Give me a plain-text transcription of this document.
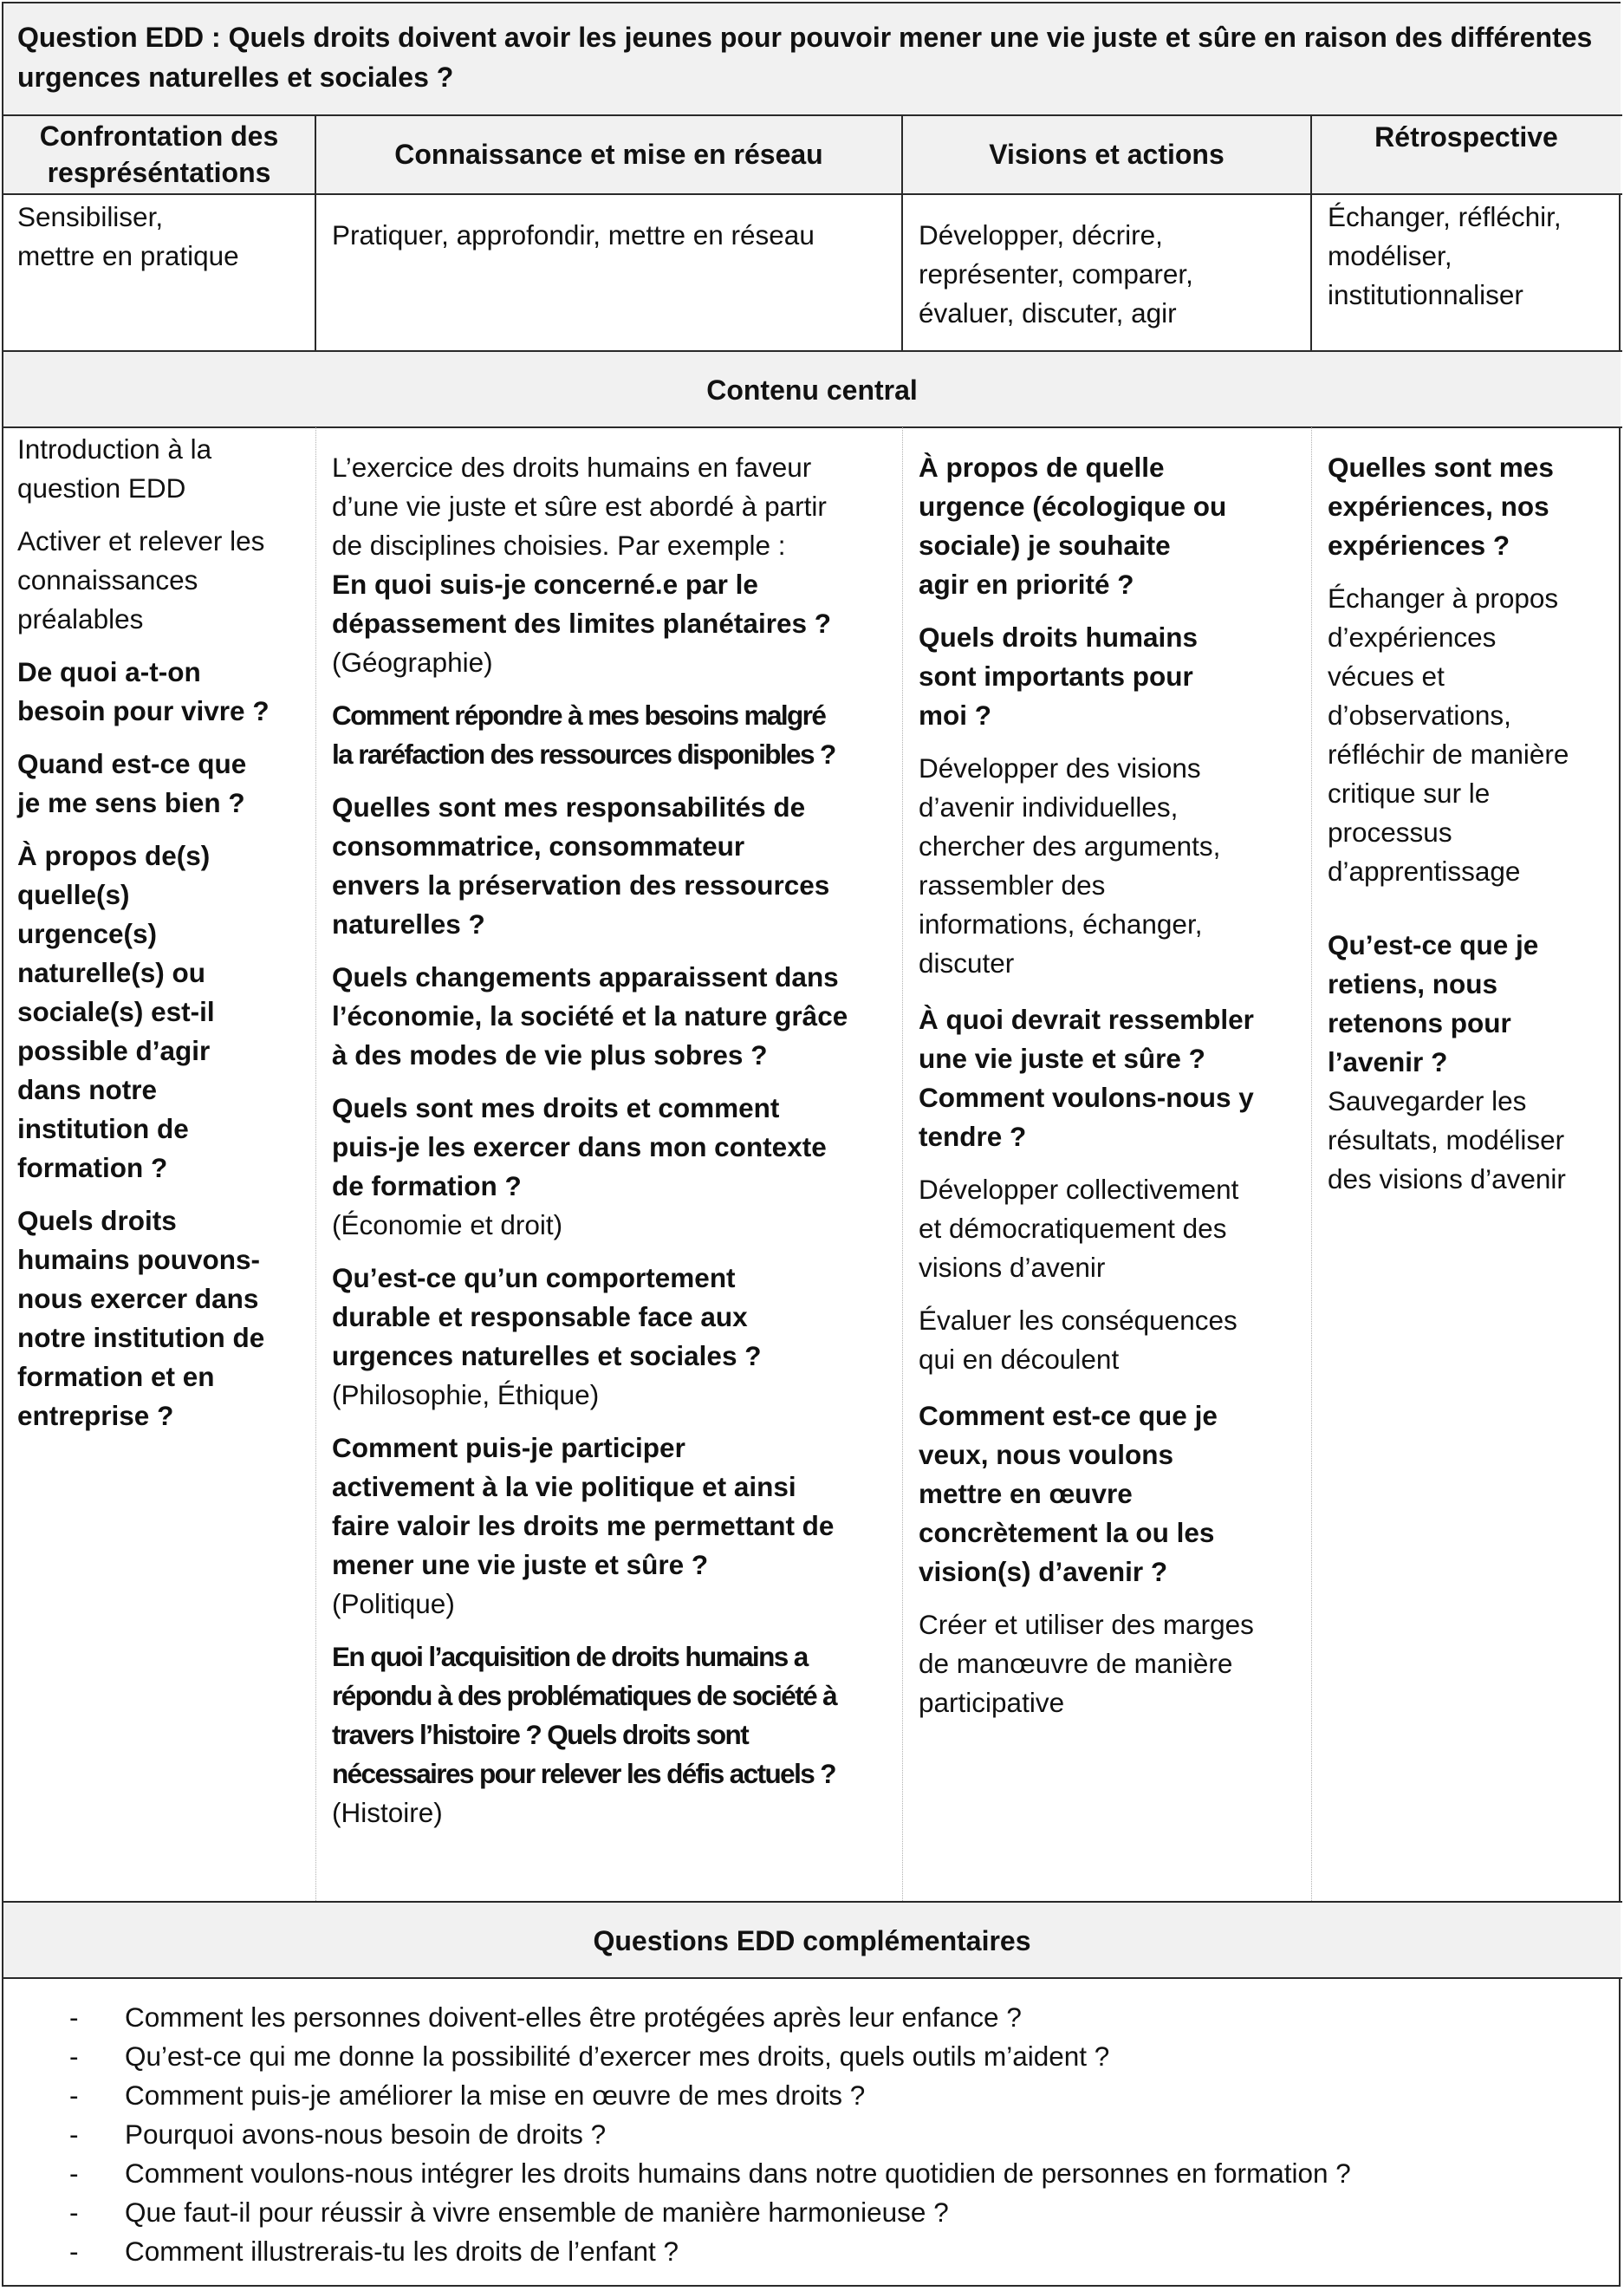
Question EDD : Quels droits doivent avoir les jeunes pour pouvoir mener une vie juste et sûre en raison des différentes urgences naturelles et sociales ?
Confrontation des respréséntations
Connaissance et mise en réseau	Visions et actions
Rétrospective

Sensibiliser,

mettre en pratique

Pratiquer, approfondir, mettre en réseau	Développer, décrire,

représenter, comparer,

évaluer, discuter, agir

Échanger, réfléchir,

modéliser,

institutionnaliser

Contenu central

Introduction à la

question EDD

Activer et relever les

connaissances

préalables

De quoi a-t-on

besoin pour vivre ?

Quand est-ce que

je me sens bien ?

À propos de(s)

quelle(s)

urgence(s)

naturelle(s) ou

sociale(s) est-il

possible d’agir

dans notre

institution de

formation ?

Quels droits

humains pouvons-

nous exercer dans

notre institution de

formation et en

entreprise ?

L’exercice des droits humains en faveur

d’une vie juste et sûre est abordé à partir

de disciplines choisies. Par exemple :

En quoi suis-je concerné.e par le

dépassement des limites planétaires ?

(Géographie)

Comment répondre à mes besoins malgré

la raréfaction des ressources disponibles ?

Quelles sont mes responsabilités de

consommatrice, consommateur

envers la préservation des ressources

naturelles ?

Quels changements apparaissent dans

l’économie, la société et la nature grâce

à des modes de vie plus sobres ?

Quels sont mes droits et comment

puis-je les exercer dans mon contexte

de formation ?

(Économie et droit)

Qu’est-ce qu’un comportement

durable et responsable face aux

urgences naturelles et sociales ?

(Philosophie, Éthique)

Comment puis-je participer

activement à la vie politique et ainsi

faire valoir les droits me permettant de

mener une vie juste et sûre ?

(Politique)

En quoi l’acquisition de droits humains a

répondu à des problématiques de société à

travers l’histoire ? Quels droits sont

nécessaires pour relever les défis actuels ?

(Histoire)

À propos de quelle

urgence (écologique ou

sociale) je souhaite

agir en priorité ?

Quels droits humains

sont importants pour

moi ?

Développer des visions

d’avenir individuelles,

chercher des arguments,

rassembler des

informations, échanger,

discuter

À quoi devrait ressembler

une vie juste et sûre ?

Comment voulons-nous y

tendre ?

Développer collectivement

et démocratiquement des

visions d’avenir

Évaluer les conséquences

qui en découlent

Comment est-ce que je

veux, nous voulons

mettre en œuvre

concrètement la ou les

vision(s) d’avenir ?

Créer et utiliser des marges

de manœuvre de manière

participative

Quelles sont mes

expériences, nos

expériences ?

Échanger à propos

d’expériences

vécues et

d’observations,

réfléchir de manière

critique sur le

processus

d’apprentissage

Qu’est-ce que je

retiens, nous

retenons pour

l’avenir ?

Sauvegarder les

résultats, modéliser

des visions d’avenir

Questions EDD complémentaires
- Comment les personnes doivent-elles être protégées après leur enfance ?
- Qu’est-ce qui me donne la possibilité d’exercer mes droits, quels outils m’aident ?
- Comment puis-je améliorer la mise en œuvre de mes droits ?
- Pourquoi avons-nous besoin de droits ?
- Comment voulons-nous intégrer les droits humains dans notre quotidien de personnes en formation ?
- Que faut-il pour réussir à vivre ensemble de manière harmonieuse ?
- Comment illustrerais-tu les droits de l’enfant ?
